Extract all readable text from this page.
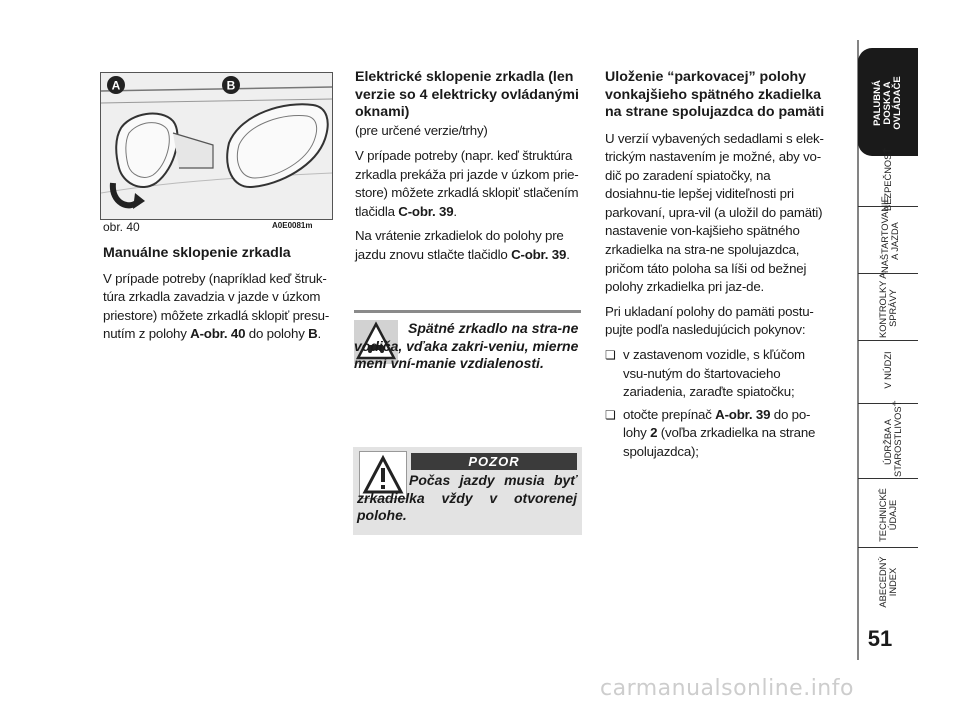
A	B
obr. 40	A0E0081m

Manuálne sklopenie zrkadla

V prípade potreby (napríklad keď štruk-túra zrkadla zavadzia v jazde v úzkom priestore) môžete zrkadlá sklopiť presu-nutím z polohy A-obr. 40 do polohy B.

Elektrické sklopenie zrkadla (len verzie so 4 elektricky ovládanými oknami)

(pre určené verzie/trhy)

V prípade potreby (napr. keď štruktúra zrkadla prekáža pri jazde v úzkom prie-store) môžete zrkadlá sklopiť stlačením tlačidla C-obr. 39.

Na vrátenie zrkadielok do polohy pre jazdu znovu stlačte tlačidlo C-obr. 39.

Spätné zrkadlo na stra-ne vodiča, vďaka zakri-veniu, mierne mení vní-manie vzdialenosti.

POZOR

Počas jazdy musia byť zrkadielka vždy v otvorenej polohe.

Uloženie “parkovacej” polohy vonkajšieho spätného zkadielka na strane spolujazdca do pamäti

U verzií vybavených sedadlami s elek-trickým nastavením je možné, aby vo-dič po zaradení spiatočky, na dosiahnu-tie lepšej viditeľnosti pri parkovaní, upra-vil (a uložil do pamäti) nastavenie von-kajšieho spätného zrkadielka na stra-ne spolujazdca, pričom táto poloha sa líši od bežnej polohy zrkadielka pri jaz-de.

Pri ukladaní polohy do pamäti postu-pujte podľa nasledujúcich pokynov:

❏ v zastavenom vozidle, s kľúčom vsu-nutým do štartovacieho zariadenia, zaraďte spiatočku;
❏ otočte prepínač A-obr. 39 do po-lohy 2 (voľba zrkadielka na strane spolujazdca);
PALUBNÁ
DOSKA A
OVLÁDAČE
BEZPEČNOSŤ
NAŠTARTOVANIE
A JAZDA
KONTROLKY A
SPRÁVY
V NÚDZI
ÚDRŽBA A
STAROSTLIVOSŤ
TECHNICKÉ
ÚDAJE
ABECEDNÝ
INDEX
51
carmanualsonline.info
